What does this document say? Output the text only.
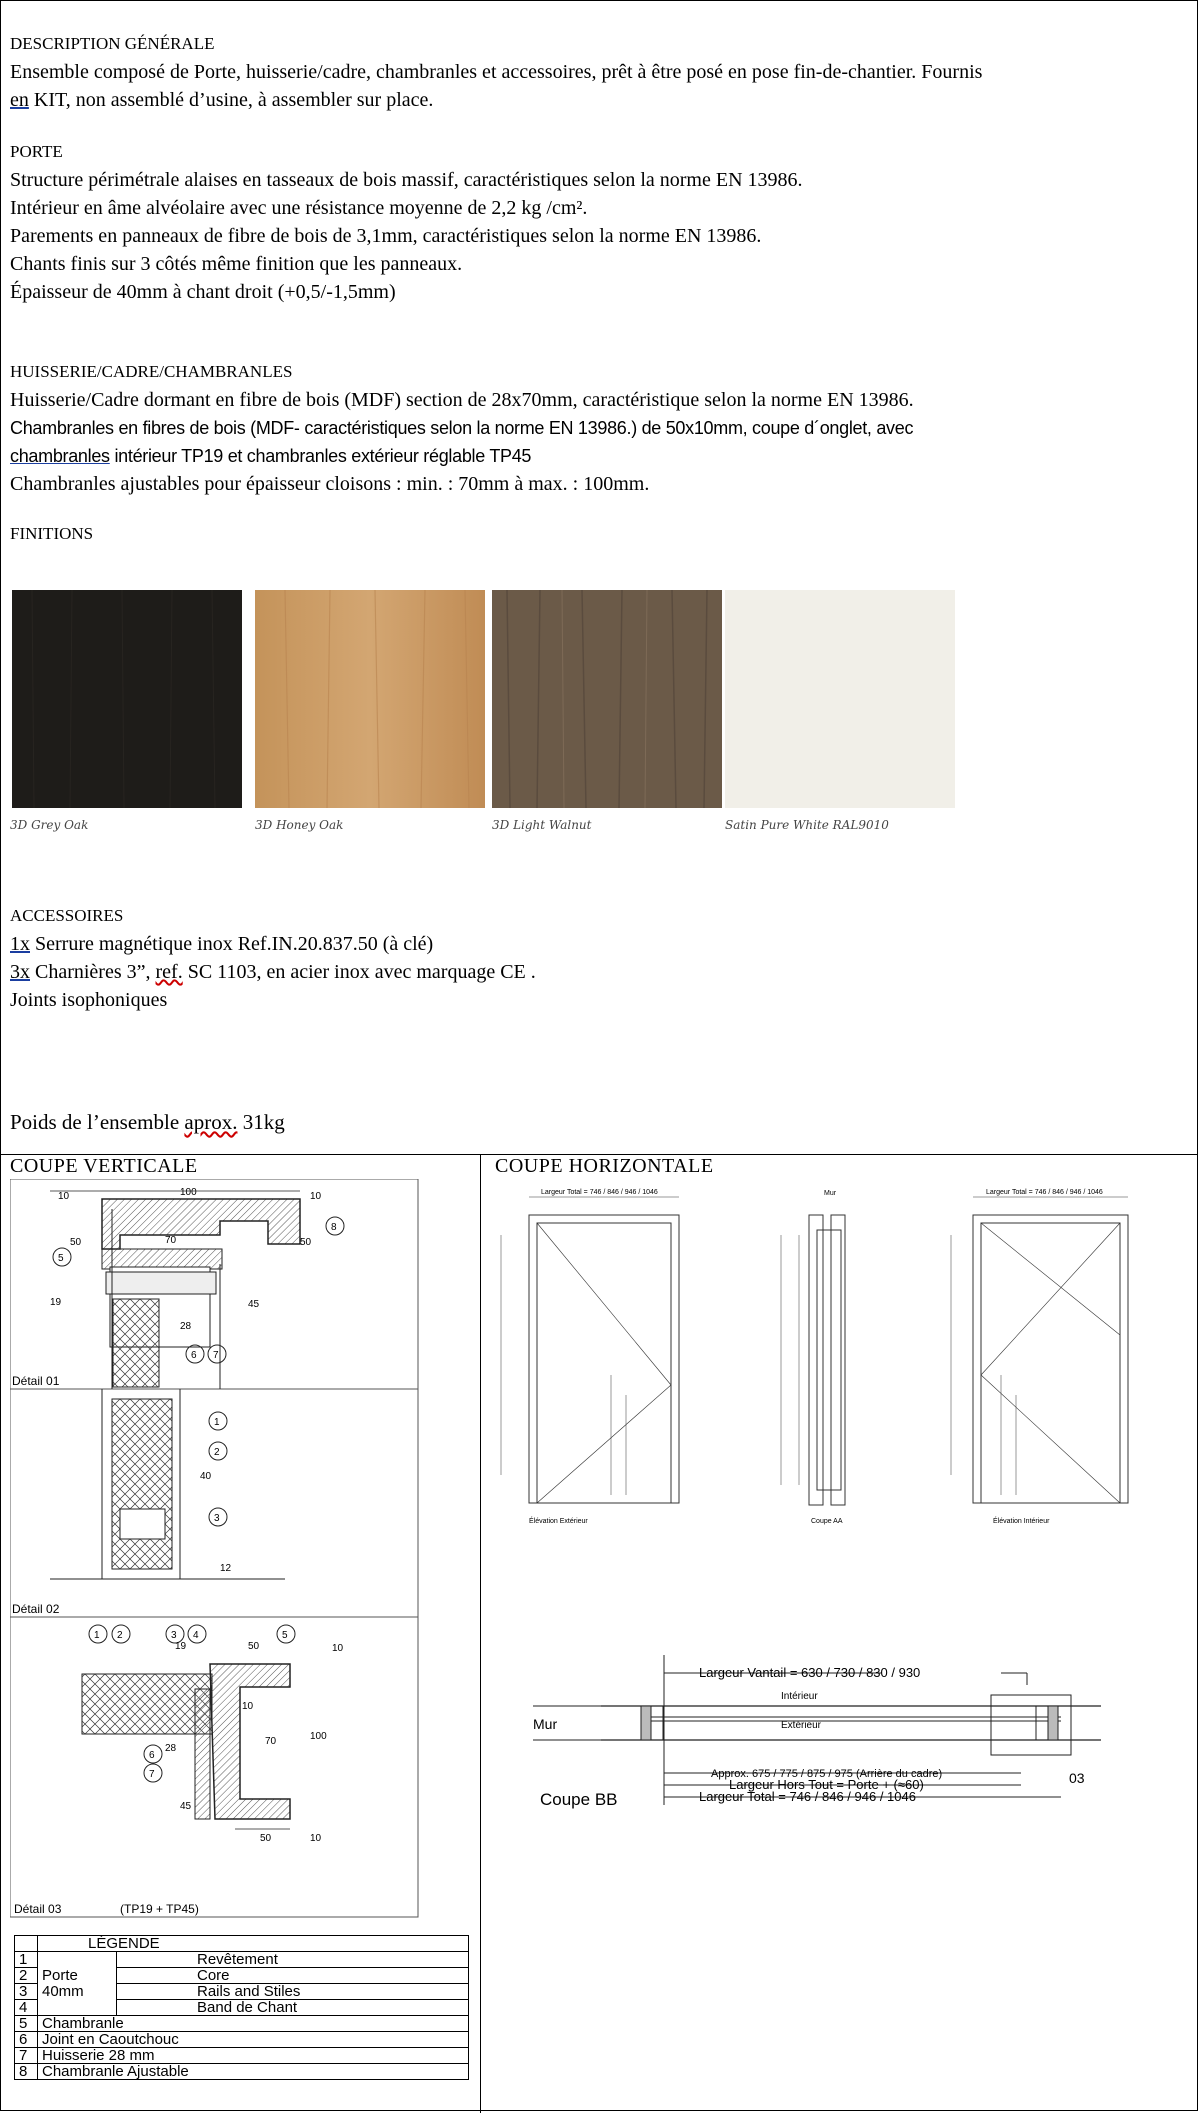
DESCRIPTION GÉNÉRALE

Ensemble composé de Porte, huisserie/cadre, chambranles et accessoires, prêt à être posé en pose fin-de-chantier. Fournis

en KIT, non assemblé d’usine, à assembler sur place.

PORTE

Structure périmétrale alaises en tasseaux de bois massif, caractéristiques selon la norme EN 13986.

Intérieur en âme alvéolaire avec une résistance moyenne de 2,2 kg /cm².

Parements en panneaux de fibre de bois de 3,1mm, caractéristiques selon la norme EN 13986.

Chants finis sur 3 côtés même finition que les panneaux.

Épaisseur de 40mm à chant droit (+0,5/-1,5mm)

HUISSERIE/CADRE/CHAMBRANLES

Huisserie/Cadre dormant en fibre de bois (MDF) section de 28x70mm, caractéristique selon la norme EN 13986.

Chambranles en fibres de bois (MDF- caractéristiques selon la norme EN 13986.) de 50x10mm, coupe d´onglet, avec

chambranles intérieur TP19 et chambranles extérieur réglable TP45

Chambranles ajustables pour épaisseur cloisons : min. : 70mm à max. : 100mm.

FINITIONS

3D Grey Oak	3D Honey Oak	3D Light Walnut	Satin Pure White RAL9010

ACCESSOIRES

1x Serrure magnétique inox Ref.IN.20.837.50 (à clé)

3x Charnières 3”, ref. SC 1103, en acier inox avec marquage CE .

Joints isophoniques

Poids de l’ensemble aprox. 31kg
COUPE VERTICALE
8
5
6 7
10	100	10
50	70	50
19	45
28
Détail 01
1
2
3
40
12
Détail 02
1 2	3 4	5
6
7
19	50	10
10
70	100
28
45
50	10
Détail 03	(TP19 + TP45)
	LÉGENDE	
1		Revêtement
2	Porte	Core
3	40mm	Rails and Stiles
4		Band de Chant
5	Chambranle	
6	Joint en Caoutchouc	
7	Huisserie 28 mm	
8	Chambranle Ajustable	
COUPE HORIZONTALE
Largeur Total = 746 / 846 / 946 / 1046
Élévation Extérieur
Mur
Coupe AA
Largeur Total = 746 / 846 / 946 / 1046
Élévation Intérieur
Largeur Vantail = 630 / 730 / 830 / 930
Intérieur
Extérieur
Mur
Approx. 675 / 775 / 875 / 975 (Arrière du cadre)
Largeur Hors Tout = Porte + (≈60)
Largeur Total = 746 / 846 / 946 / 1046
Coupe BB
03
